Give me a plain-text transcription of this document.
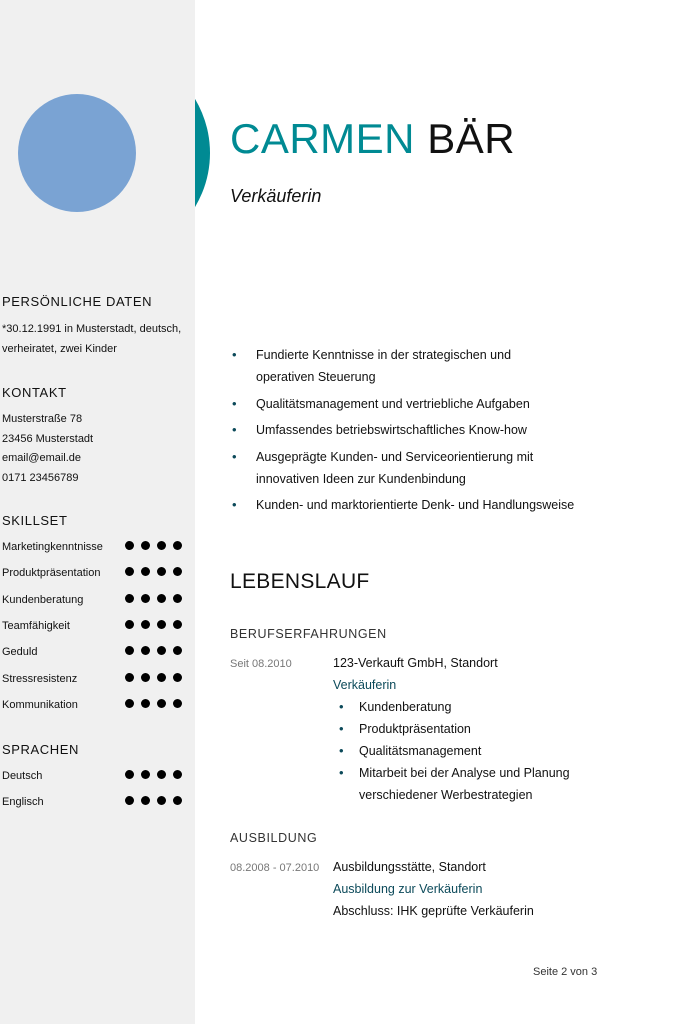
PERSÖNLICHE DATEN
*30.12.1991 in Musterstadt, deutsch,
verheiratet, zwei Kinder
KONTAKT
Musterstraße 78
23456 Musterstadt
email@email.de
0171 23456789
SKILLSET
Marketingkenntnisse
Produktpräsentation
Kundenberatung
Teamfähigkeit
Geduld
Stressresistenz
Kommunikation
SPRACHEN
Deutsch
Englisch
CARMEN BÄR
Verkäuferin
• Fundierte Kenntnisse in der strategischen und
operativen Steuerung
• Qualitätsmanagement und vertriebliche Aufgaben
• Umfassendes betriebswirtschaftliches Know-how
• Ausgeprägte Kunden- und Serviceorientierung mit
innovativen Ideen zur Kundenbindung
• Kunden- und marktorientierte Denk- und Handlungsweise
LEBENSLAUF
BERUFSERFAHRUNGEN
Seit 08.2010	123-Verkauft GmbH, Standort
Verkäuferin
• Kundenberatung
• Produktpräsentation
• Qualitätsmanagement
• Mitarbeit bei der Analyse und Planung
verschiedener Werbestrategien
AUSBILDUNG
08.2008 - 07.2010 Ausbildungsstätte, Standort
Ausbildung zur Verkäuferin
Abschluss: IHK geprüfte Verkäuferin
Seite 2 von 3
